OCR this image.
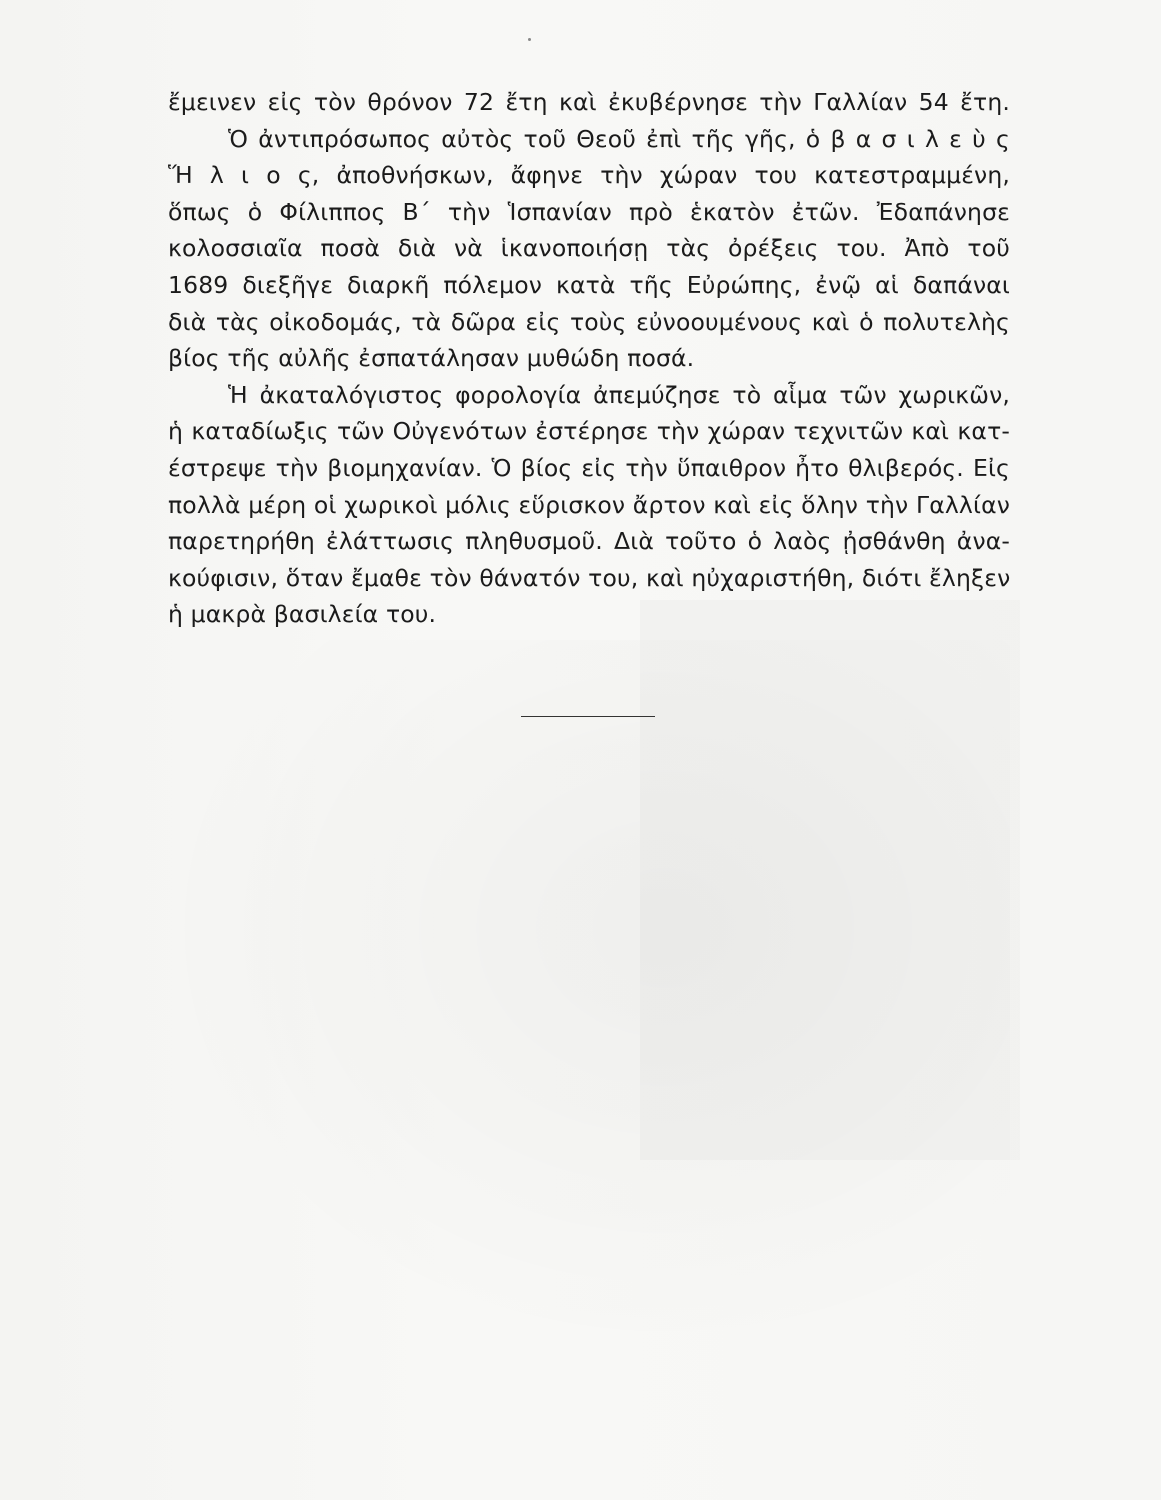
ἔμεινεν εἰς τὸν θρόνον 72 ἔτη καὶ ἐκυβέρνησε τὴν Γαλλίαν 54 ἔτη.
Ὁ ἀντιπρόσωπος αὐτὸς τοῦ Θεοῦ ἐπὶ τῆς γῆς, ὁ β α σ ι λ ε ὺ ς
Ἥ λ ι ο ς, ἀποθνήσκων, ἄφηνε τὴν χώραν του κατεστραμμένη,
ὅπως ὁ Φίλιππος Β΄ τὴν Ἱσπανίαν πρὸ ἑκατὸν ἐτῶν. Ἐδαπάνησε
κολοσσιαῖα ποσὰ διὰ νὰ ἱκανοποιήσῃ τὰς ὀρέξεις του. Ἀπὸ τοῦ
1689 διεξῆγε διαρκῆ πόλεμον κατὰ τῆς Εὐρώπης, ἐνῷ αἱ δαπάναι
διὰ τὰς οἰκοδομάς, τὰ δῶρα εἰς τοὺς εὐνοουμένους καὶ ὁ πολυτελὴς
βίος τῆς αὐλῆς ἐσπατάλησαν μυθώδη ποσά.
Ἡ ἀκαταλόγιστος φορολογία ἀπεμύζησε τὸ αἷμα τῶν χωρικῶν,
ἡ καταδίωξις τῶν Οὐγενότων ἐστέρησε τὴν χώραν τεχνιτῶν καὶ κατ-
έστρεψε τὴν βιομηχανίαν. Ὁ βίος εἰς τὴν ὕπαιθρον ἦτο θλιβερός. Εἰς
πολλὰ μέρη οἱ χωρικοὶ μόλις εὕρισκον ἄρτον καὶ εἰς ὅλην τὴν Γαλλίαν
παρετηρήθη ἐλάττωσις πληθυσμοῦ. Διὰ τοῦτο ὁ λαὸς ᾐσθάνθη ἀνα-
κούφισιν, ὅταν ἔμαθε τὸν θάνατόν του, καὶ ηὐχαριστήθη, διότι ἔληξεν
ἡ μακρὰ βασιλεία του.
